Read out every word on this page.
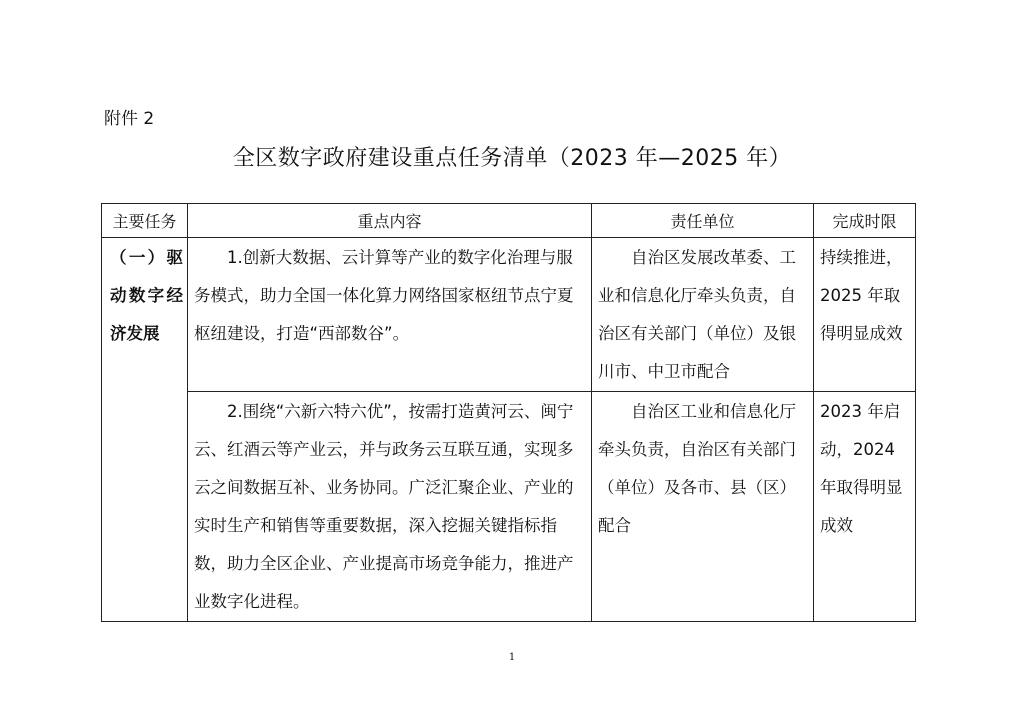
附件 2
全区数字政府建设重点任务清单（2023 年—2025 年）
主要任务	重点内容	责任单位	完成时限

（一）驱动数字经济发展	1.创新大数据、云计算等产业的数字化治理与服务模式，助力全国一体化算力网络国家枢纽节点宁夏枢纽建设，打造“西部数谷”。	自治区发展改革委、工业和信息化厅牵头负责，自治区有关部门（单位）及银川市、中卫市配合	持续推进，2025 年取得明显成效

	2.围绕“六新六特六优”，按需打造黄河云、闽宁云、红酒云等产业云，并与政务云互联互通，实现多云之间数据互补、业务协同。广泛汇聚企业、产业的实时生产和销售等重要数据，深入挖掘关键指标指数，助力全区企业、产业提高市场竞争能力，推进产业数字化进程。	自治区工业和信息化厅牵头负责，自治区有关部门（单位）及各市、县（区）配合	2023 年启动，2024 年取得明显成效
1
